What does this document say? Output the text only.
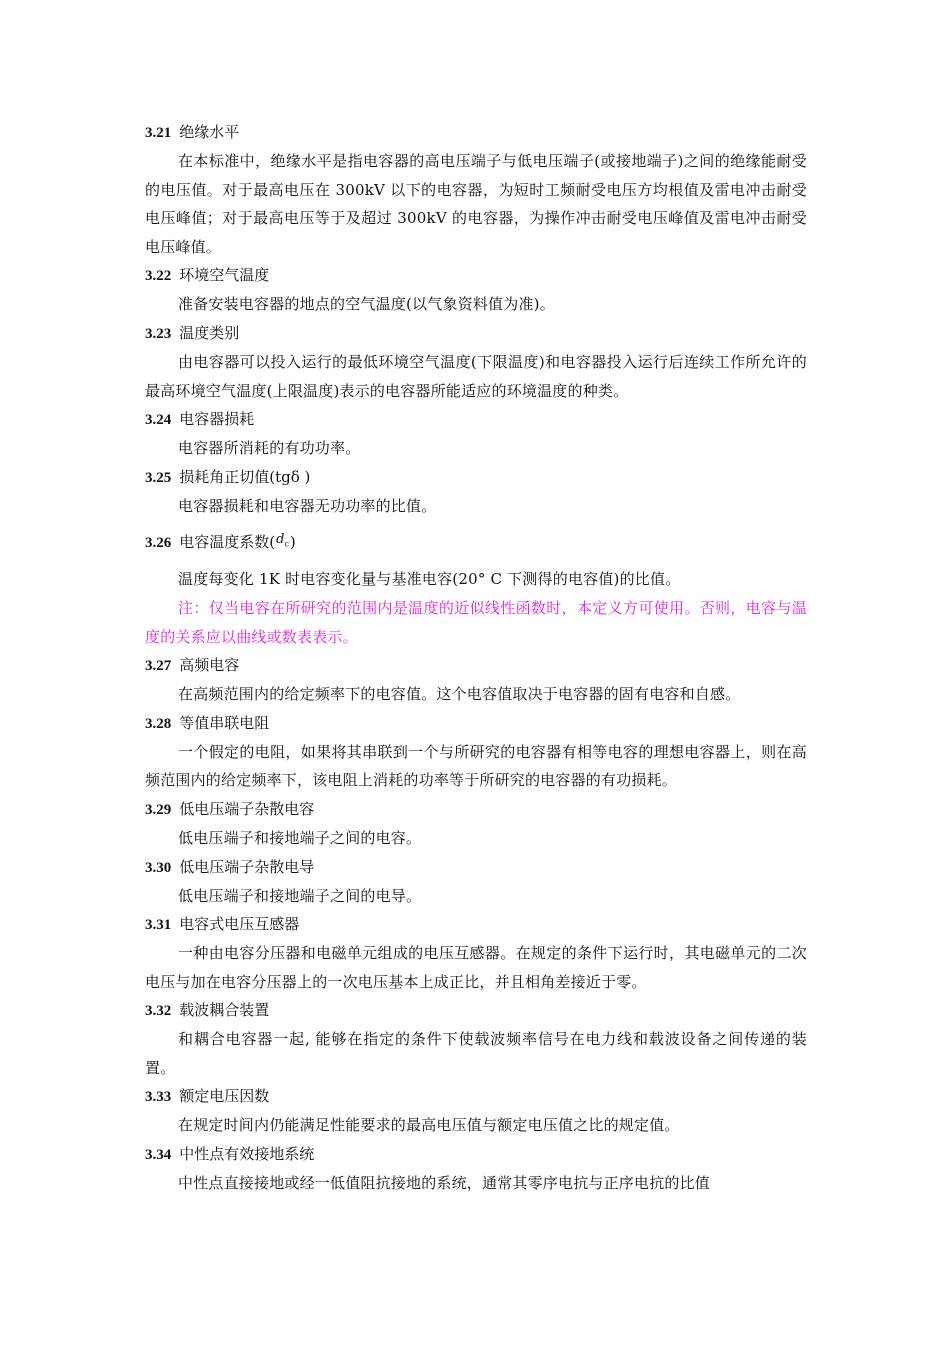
3.21 绝缘水平
在本标准中，绝缘水平是指电容器的高电压端子与低电压端子(或接地端子)之间的绝缘能耐受的电压值。对于最高电压在 300kV 以下的电容器，为短时工频耐受电压方均根值及雷电冲击耐受电压峰值；对于最高电压等于及超过 300kV 的电容器，为操作冲击耐受电压峰值及雷电冲击耐受电压峰值。
3.22 环境空气温度
准备安装电容器的地点的空气温度(以气象资料值为准)。
3.23 温度类别
由电容器可以投入运行的最低环境空气温度(下限温度)和电容器投入运行后连续工作所允许的最高环境空气温度(上限温度)表示的电容器所能适应的环境温度的种类。
3.24 电容器损耗
电容器所消耗的有功功率。
3.25 损耗角正切值(tgδ )
电容器损耗和电容器无功功率的比值。
3.26 电容温度系数$(d_c)$
温度每变化 1K 时电容变化量与基准电容(20° C 下测得的电容值)的比值。
注：仅当电容在所研究的范围内是温度的近似线性函数时，本定义方可使用。否则，电容与温度的关系应以曲线或数表表示。
3.27 高频电容
在高频范围内的给定频率下的电容值。这个电容值取决于电容器的固有电容和自感。
3.28 等值串联电阻
一个假定的电阻，如果将其串联到一个与所研究的电容器有相等电容的理想电容器上，则在高频范围内的给定频率下，该电阻上消耗的功率等于所研究的电容器的有功损耗。
3.29 低电压端子杂散电容
低电压端子和接地端子之间的电容。
3.30 低电压端子杂散电导
低电压端子和接地端子之间的电导。
3.31 电容式电压互感器
一种由电容分压器和电磁单元组成的电压互感器。在规定的条件下运行时，其电磁单元的二次电压与加在电容分压器上的一次电压基本上成正比，并且相角差接近于零。
3.32 载波耦合装置
和耦合电容器一起, 能够在指定的条件下使载波频率信号在电力线和载波设备之间传递的装置。
3.33 额定电压因数
在规定时间内仍能满足性能要求的最高电压值与额定电压值之比的规定值。
3.34 中性点有效接地系统
中性点直接接地或经一低值阻抗接地的系统，通常其零序电抗与正序电抗的比值
